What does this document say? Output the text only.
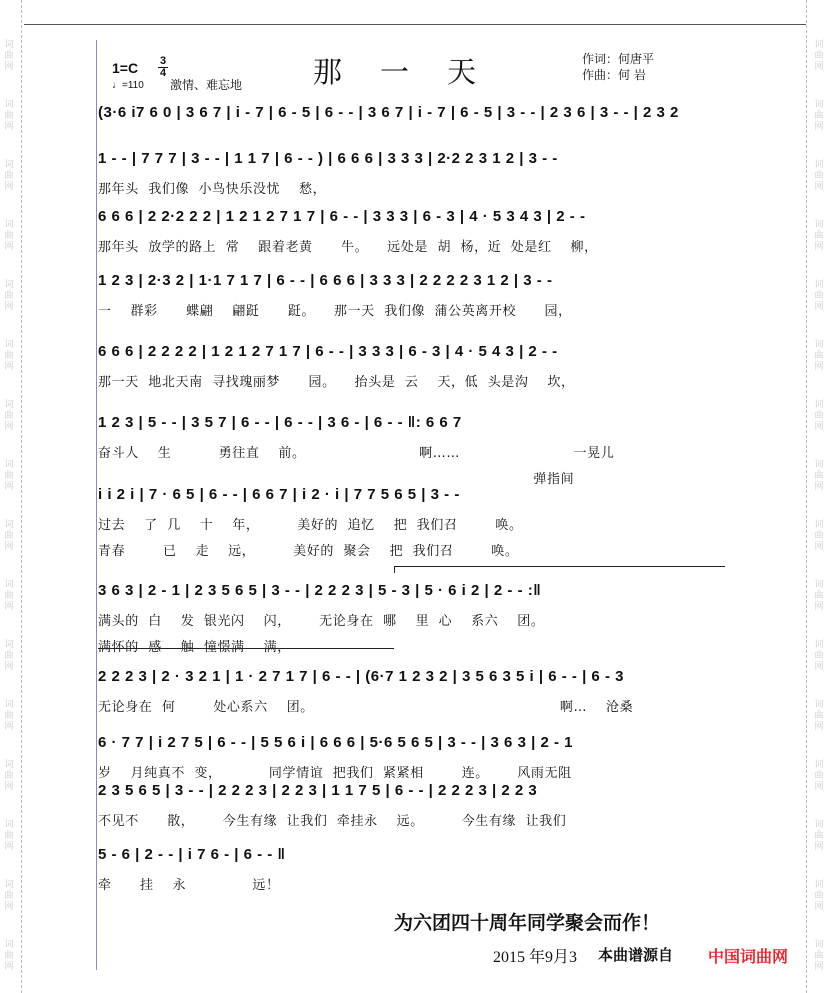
词
曲
网
词
曲
网
词
曲
网
词
曲
网
词
曲
网
词
曲
网
词
曲
网
词
曲
网
词
曲
网
词
曲
网
词
曲
网
词
曲
网
词
曲
网
词
曲
网
词
曲
网
词
曲
网
词
曲
网
词
曲
网
词
曲
网
词
曲
网
词
曲
网
词
曲
网
词
曲
网
词
曲
网
词
曲
网
词
曲
网
词
曲
网
词
曲
网
词
曲
网
词
曲
网
词
曲
网
词
曲
网
$1=C \frac{3}{4}$
♩=110 激情、难忘地 那一天	作词：何唐平
作曲：何 岩
(3·6 i7 6 0 | 3 6 7 | i - 7 | 6 - 5 | 6 - - | 3 6 7 | i - 7 | 6 - 5 | 3 - - | 2 3 6 | 3 - - | 2 3 2
1 - - | 7 7 7 | 3 - - | 1 1 7 | 6 - - ) | 6 6 6 | 3 3 3 | 2·2 2 3 1 2 | 3 - -
那年头  我们像  小鸟快乐没忧    愁，
6 6 6 | 2 2·2 2 2 | 1 2 1 2 7 1 7 | 6 - - | 3 3 3 | 6 - 3 | 4 · 5 3 4 3 | 2 - -
那年头  放学的路上  常    跟着老黄      牛。    远处是  胡  杨，近  处是红    柳，
1 2 3 | 2·3 2 | 1·1 7 1 7 | 6 - - | 6 6 6 | 3 3 3 | 2 2 2 2 3 1 2 | 3 - -
一    群彩      蝶翩    翩跹      跹。    那一天  我们像  蒲公英离开校      园，
6 6 6 | 2 2 2 2 | 1 2 1 2 7 1 7 | 6 - - | 3 3 3 | 6 - 3 | 4 · 5 4 3 | 2 - -
那一天  地北天南  寻找瑰丽梦      园。    抬头是  云    天，低  头是沟    坎，
1 2 3 | 5 - - | 3 5 7 | 6 - - | 6 - - | 3 6 - | 6 - - ‖: 6 6 7
奋斗人    生          勇往直    前。                        啊……                        一晃儿
弹指间
i i 2 i | 7 · 6 5 | 6 - - | 6 6 7 | i 2 · i | 7 7 5 6 5 | 3 - -
过去    了  几    十    年，        美好的  追忆    把  我们召        唤。
青春        已    走    远，        美好的  聚会    把  我们召        唤。
3 6 3 | 2 - 1 | 2 3 5 6 5 | 3 - - | 2 2 2 3 | 5 - 3 | 5 · 6 i 2 | 2 - - :‖
满头的  白    发  银光闪    闪，      无论身在  哪    里  心    系六    团。
满怀的  感    触  憧憬满    满，
2 2 2 3 | 2 · 3 2 1 | 1 · 2 7 1 7 | 6 - - | (6·7 1 2 3 2 | 3 5 6 3 5 i | 6 - - | 6 - 3
无论身在  何        处心系六    团。                                                    啊…    沧桑
6 · 7 7 | i 2 7 5 | 6 - - | 5 5 6 i | 6 6 6 | 5·6 5 6 5 | 3 - - | 3 6 3 | 2 - 1
岁    月纯真不  变，          同学情谊  把我们  紧紧相        连。      风雨无阻
2 3 5 6 5 | 3 - - | 2 2 2 3 | 2 2 3 | 1 1 7 5 | 6 - - | 2 2 2 3 | 2 2 3
不见不      散，      今生有缘  让我们  牵挂永    远。        今生有缘  让我们
5 - 6 | 2 - - | i 7 6 - | 6 - - ‖
牵      挂    永              远！
为六团四十周年同学聚会而作！
2015 年9月3 本曲谱源自 中国词曲网
